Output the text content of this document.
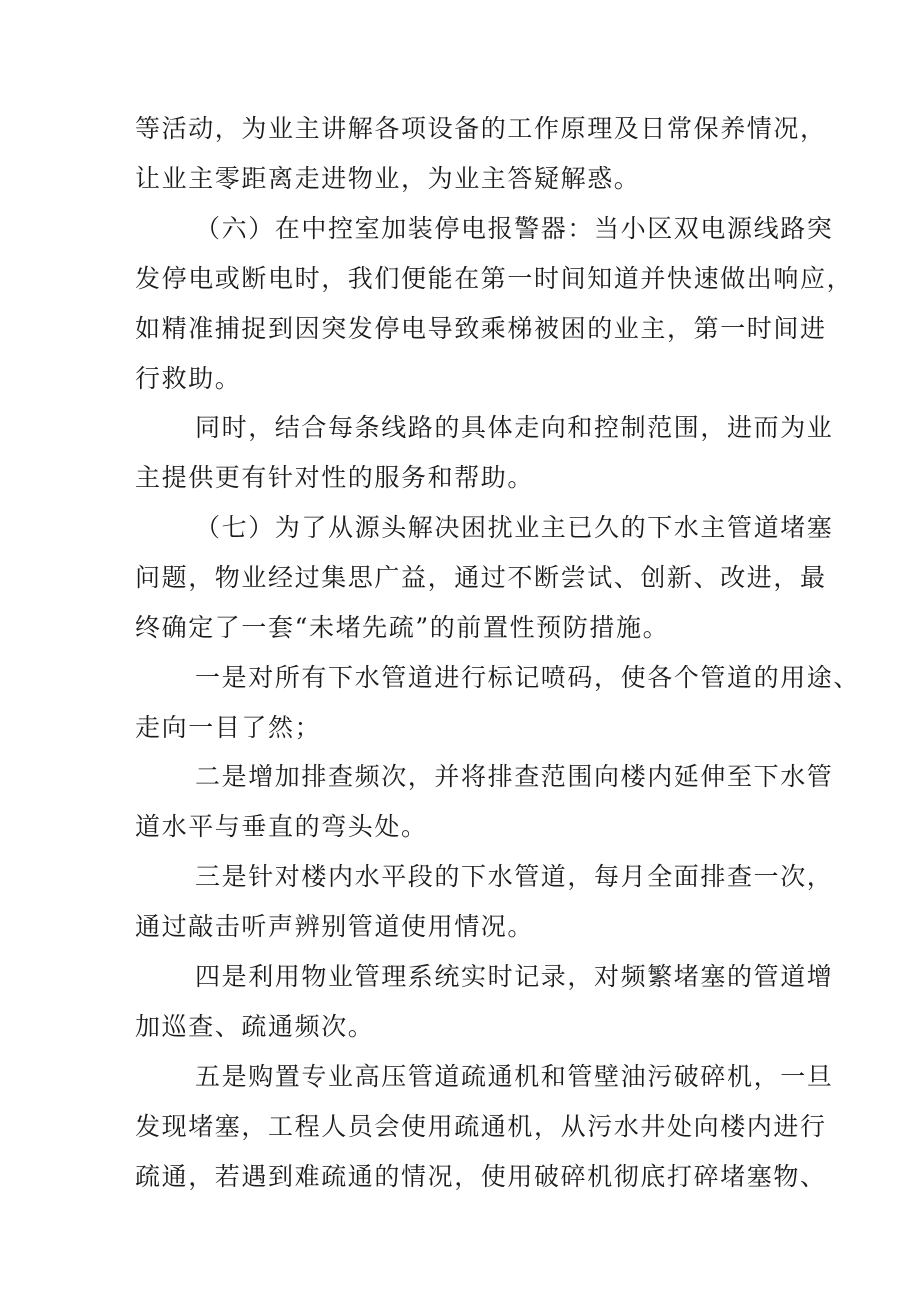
等活动，为业主讲解各项设备的工作原理及日常保养情况，

让业主零距离走进物业，为业主答疑解惑。

（六）在中控室加装停电报警器：当小区双电源线路突

发停电或断电时，我们便能在第一时间知道并快速做出响应，

如精准捕捉到因突发停电导致乘梯被困的业主，第一时间进

行救助。

同时，结合每条线路的具体走向和控制范围，进而为业

主提供更有针对性的服务和帮助。

（七）为了从源头解决困扰业主已久的下水主管道堵塞

问题，物业经过集思广益，通过不断尝试、创新、改进，最

终确定了一套“未堵先疏”的前置性预防措施。

一是对所有下水管道进行标记喷码，使各个管道的用途、

走向一目了然；

二是增加排查频次，并将排查范围向楼内延伸至下水管

道水平与垂直的弯头处。

三是针对楼内水平段的下水管道，每月全面排查一次，

通过敲击听声辨别管道使用情况。

四是利用物业管理系统实时记录，对频繁堵塞的管道增

加巡查、疏通频次。

五是购置专业高压管道疏通机和管壁油污破碎机，一旦

发现堵塞，工程人员会使用疏通机，从污水井处向楼内进行

疏通，若遇到难疏通的情况，使用破碎机彻底打碎堵塞物、
